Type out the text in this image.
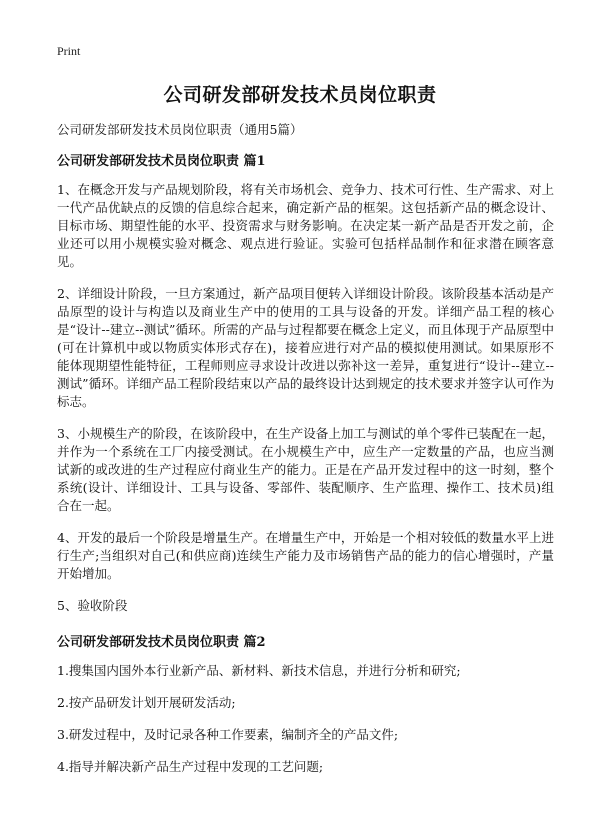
Print
公司研发部研发技术员岗位职责
公司研发部研发技术员岗位职责（通用5篇）
公司研发部研发技术员岗位职责 篇1

1、在概念开发与产品规划阶段，将有关市场机会、竞争力、技术可行性、生产需求、对上一代产品优缺点的反馈的信息综合起来，确定新产品的框架。这包括新产品的概念设计、目标市场、期望性能的水平、投资需求与财务影响。在决定某一新产品是否开发之前，企业还可以用小规模实验对概念、观点进行验证。实验可包括样品制作和征求潜在顾客意见。

2、详细设计阶段，一旦方案通过，新产品项目便转入详细设计阶段。该阶段基本活动是产品原型的设计与构造以及商业生产中的使用的工具与设备的开发。详细产品工程的核心是“设计--建立--测试”循环。所需的产品与过程都要在概念上定义，而且体现于产品原型中(可在计算机中或以物质实体形式存在)，接着应进行对产品的模拟使用测试。如果原形不能体现期望性能特征，工程师则应寻求设计改进以弥补这一差异，重复进行“设计--建立--测试”循环。详细产品工程阶段结束以产品的最终设计达到规定的技术要求并签字认可作为标志。

3、小规模生产的阶段，在该阶段中，在生产设备上加工与测试的单个零件已装配在一起，并作为一个系统在工厂内接受测试。在小规模生产中，应生产一定数量的产品，也应当测试新的或改进的生产过程应付商业生产的能力。正是在产品开发过程中的这一时刻，整个系统(设计、详细设计、工具与设备、零部件、装配顺序、生产监理、操作工、技术员)组合在一起。

4、开发的最后一个阶段是增量生产。在增量生产中，开始是一个相对较低的数量水平上进行生产;当组织对自己(和供应商)连续生产能力及市场销售产品的能力的信心增强时，产量开始增加。

5、验收阶段

公司研发部研发技术员岗位职责 篇2

1.搜集国内国外本行业新产品、新材料、新技术信息，并进行分析和研究;

2.按产品研发计划开展研发活动;

3.研发过程中，及时记录各种工作要素，编制齐全的产品文件;

4.指导并解决新产品生产过程中发现的工艺问题;
